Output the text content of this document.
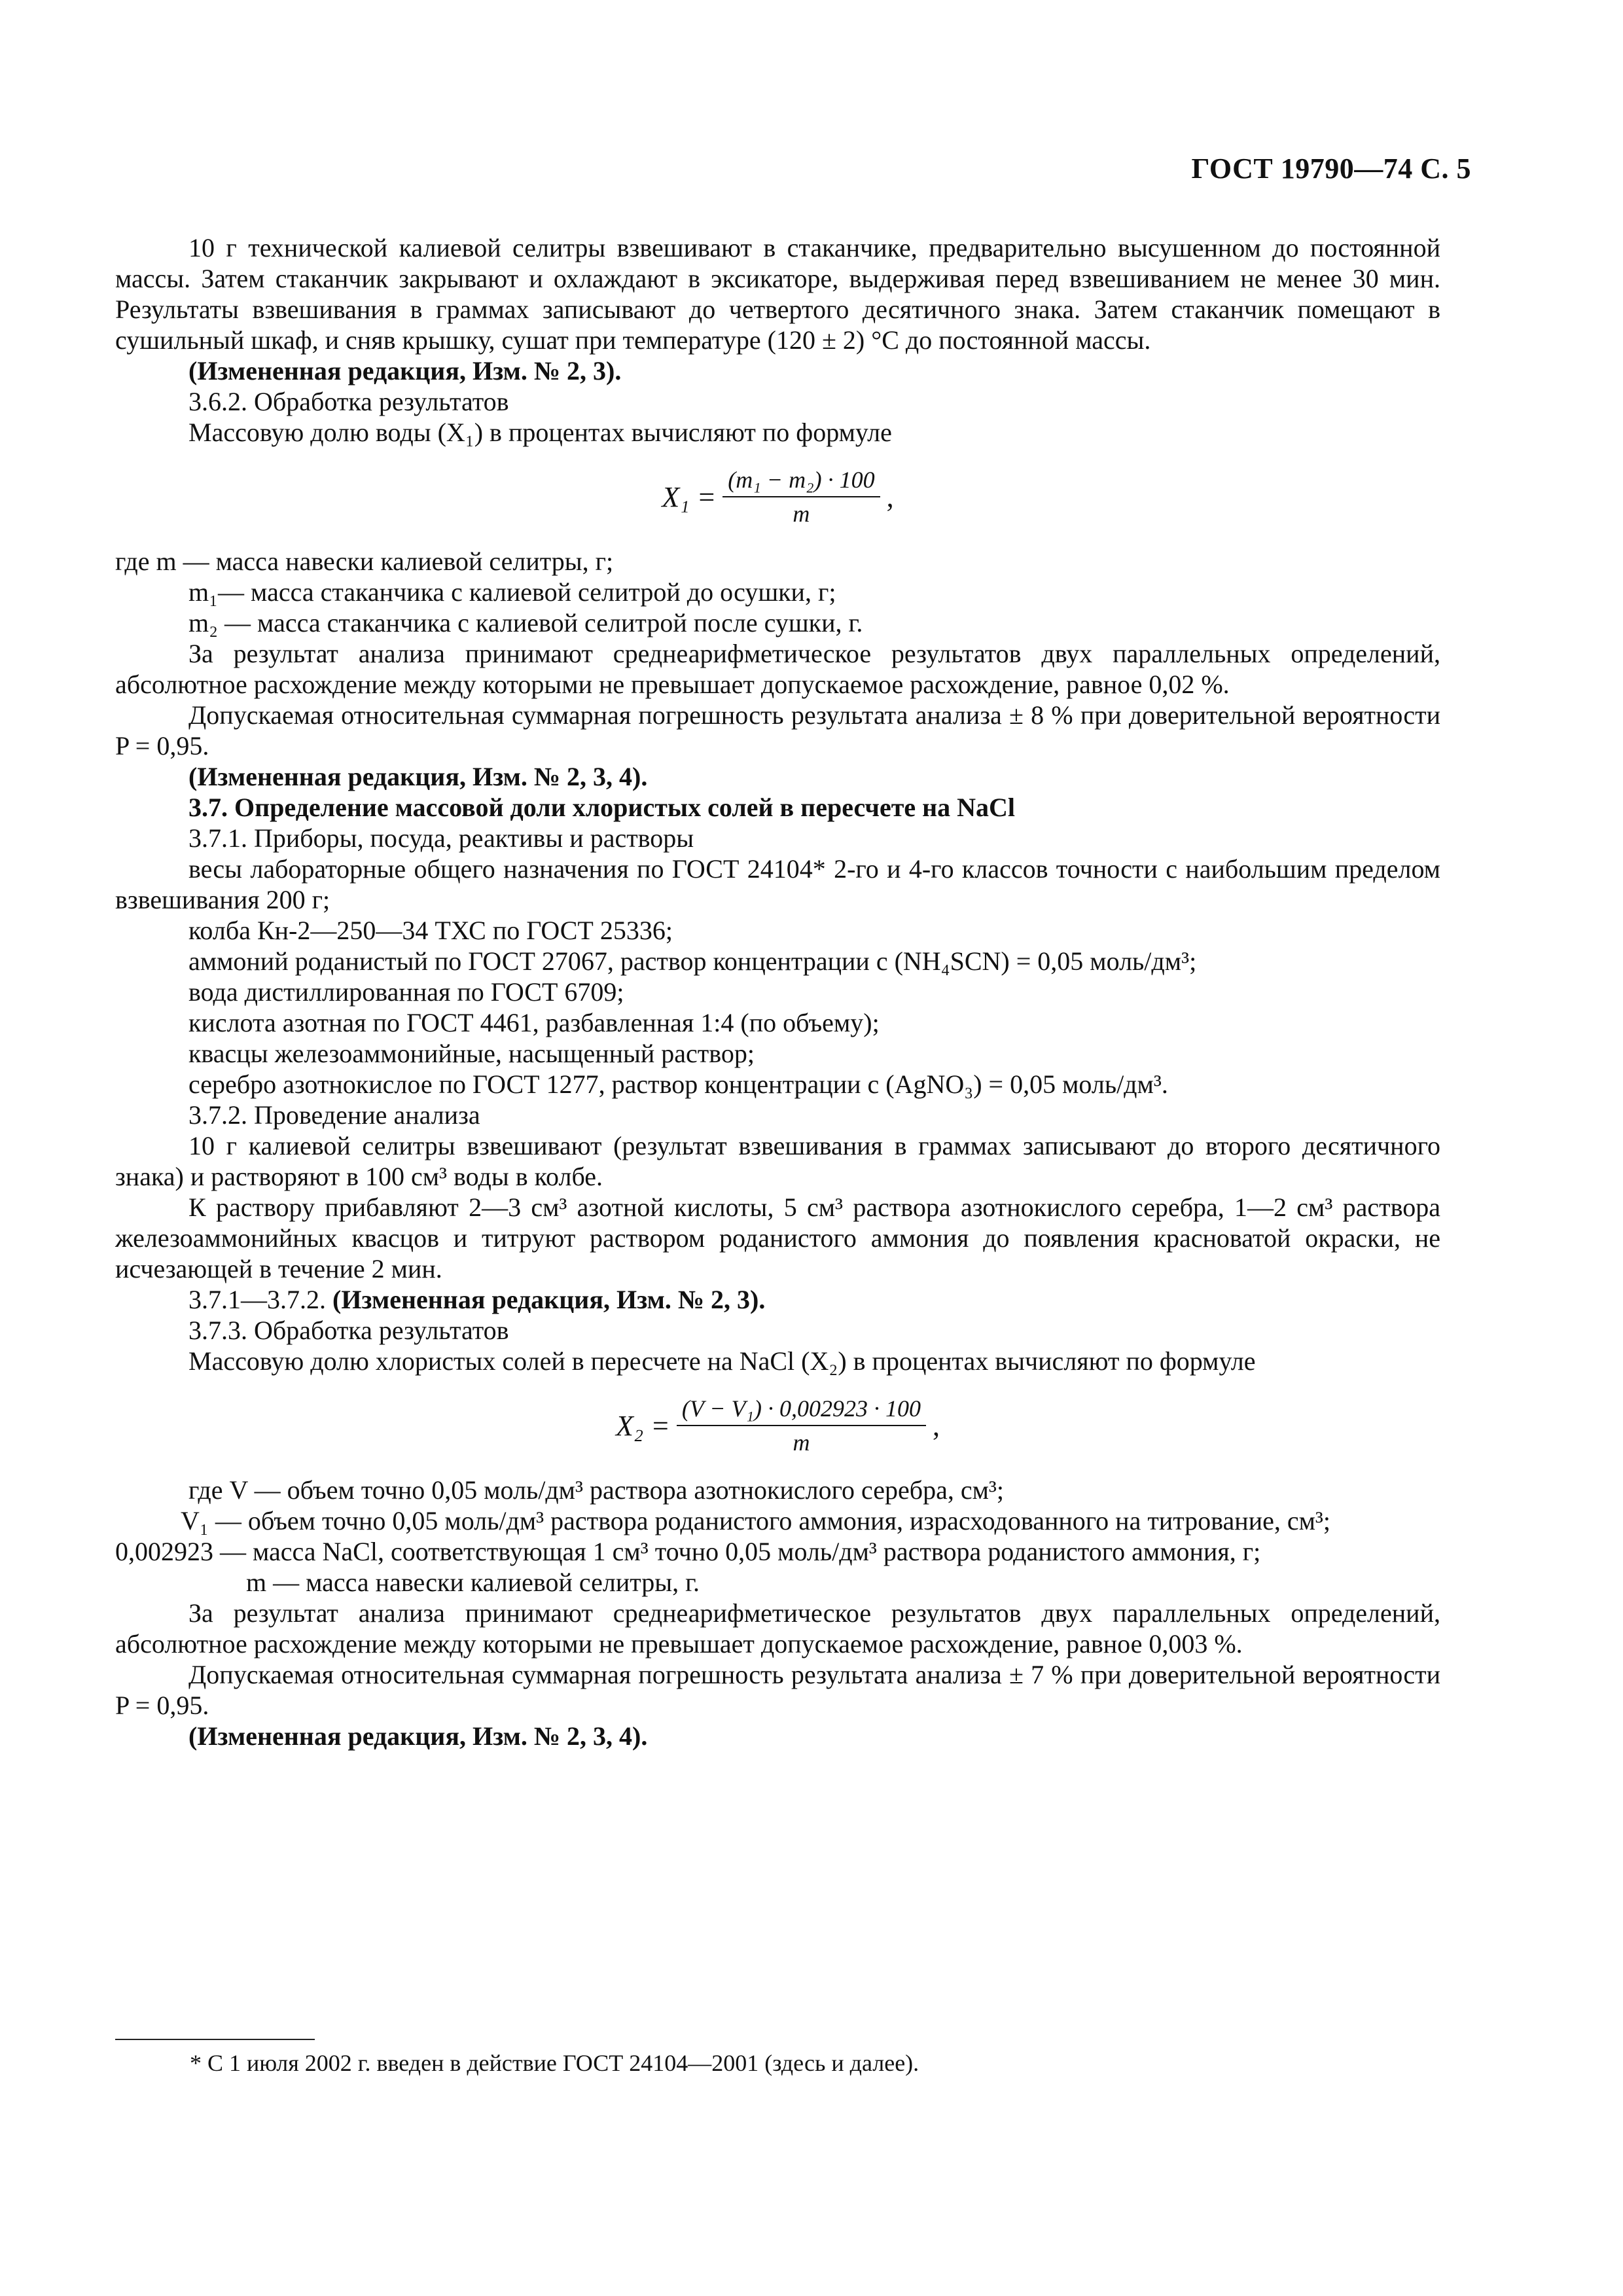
ГОСТ 19790—74 С. 5

10 г технической калиевой селитры взвешивают в стаканчике, предварительно высушенном до постоянной массы. Затем стаканчик закрывают и охлаждают в эксикаторе, выдерживая перед взвешиванием не менее 30 мин. Результаты взвешивания в граммах записывают до четвертого десятичного знака. Затем стаканчик помещают в сушильный шкаф, и сняв крышку, сушат при температуре (120 ± 2) °С до постоянной массы.

(Измененная редакция, Изм. № 2, 3).

3.6.2. Обработка результатов

Массовую долю воды (X₁) в процентах вычисляют по формуле

$X_1 = \frac{\text{(m₁ − m₂) · 100}}{m}$ ,

где m — масса навески калиевой селитры, г;

m₁— масса стаканчика с калиевой селитрой до осушки, г;

m₂ — масса стаканчика с калиевой селитрой после сушки, г.

За результат анализа принимают среднеарифметическое результатов двух параллельных определений, абсолютное расхождение между которыми не превышает допускаемое расхождение, равное 0,02 %.

Допускаемая относительная суммарная погрешность результата анализа ± 8 % при доверительной вероятности P = 0,95.

(Измененная редакция, Изм. № 2, 3, 4).

3.7. Определение массовой доли хлористых солей в пересчете на NaCl

3.7.1. Приборы, посуда, реактивы и растворы

весы лабораторные общего назначения по ГОСТ 24104* 2-го и 4-го классов точности с наибольшим пределом взвешивания 200 г;

колба Кн-2—250—34 ТХС по ГОСТ 25336;

аммоний роданистый по ГОСТ 27067, раствор концентрации c (NH₄SCN) = 0,05 моль/дм³;

вода дистиллированная по ГОСТ 6709;

кислота азотная по ГОСТ 4461, разбавленная 1:4 (по объему);

квасцы железоаммонийные, насыщенный раствор;

серебро азотнокислое по ГОСТ 1277, раствор концентрации c (AgNO₃) = 0,05 моль/дм³.

3.7.2. Проведение анализа

10 г калиевой селитры взвешивают (результат взвешивания в граммах записывают до второго десятичного знака) и растворяют в 100 см³ воды в колбе.

К раствору прибавляют 2—3 см³ азотной кислоты, 5 см³ раствора азотнокислого серебра, 1—2 см³ раствора железоаммонийных квасцов и титруют раствором роданистого аммония до появления красноватой окраски, не исчезающей в течение 2 мин.

3.7.1—3.7.2. (Измененная редакция, Изм. № 2, 3).

3.7.3. Обработка результатов

Массовую долю хлористых солей в пересчете на NaCl (X₂) в процентах вычисляют по формуле

$X_2 = \frac{\text{(V − V₁) · 0,002923 · 100}}{m}$ ,

где V — объем точно 0,05 моль/дм³ раствора азотнокислого серебра, см³;

V₁ — объем точно 0,05 моль/дм³ раствора роданистого аммония, израсходованного на титрование, см³;

0,002923 — масса NaCl, соответствующая 1 см³ точно 0,05 моль/дм³ раствора роданистого аммония, г;

m — масса навески калиевой селитры, г.

За результат анализа принимают среднеарифметическое результатов двух параллельных определений, абсолютное расхождение между которыми не превышает допускаемое расхождение, равное 0,003 %.

Допускаемая относительная суммарная погрешность результата анализа ± 7 % при доверительной вероятности P = 0,95.

(Измененная редакция, Изм. № 2, 3, 4).

* С 1 июля 2002 г. введен в действие ГОСТ 24104—2001 (здесь и далее).
